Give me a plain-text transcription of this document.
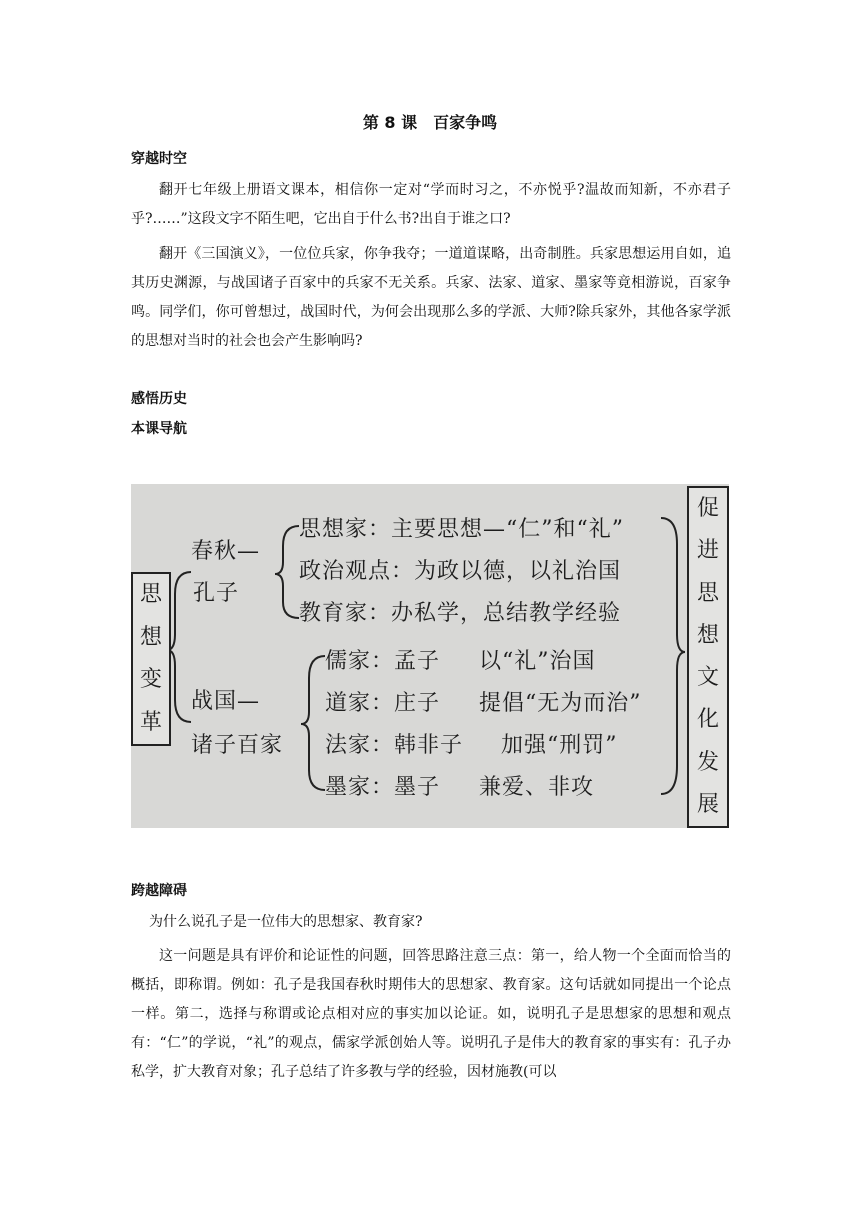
第 8 课 百家争鸣
穿越时空

翻开七年级上册语文课本，相信你一定对“学而时习之，不亦悦乎?温故而知新，不亦君子乎?……”这段文字不陌生吧，它出自于什么书?出自于谁之口?

翻开《三国演义》，一位位兵家，你争我夺；一道道谋略，出奇制胜。兵家思想运用自如，追其历史渊源，与战国诸子百家中的兵家不无关系。兵家、法家、道家、墨家等竟相游说，百家争鸣。同学们，你可曾想过，战国时代，为何会出现那么多的学派、大师?除兵家外，其他各家学派的思想对当时的社会也会产生影响吗?

感悟历史
本课导航
思
想
变
革
促
进
思
想
文
化
发
展
春秋—
孔子
战国—
诸子百家
思想家：主要思想—“仁”和“礼”
政治观点：为政以德，以礼治国
教育家：办私学，总结教学经验
儒家：孟子 以“礼”治国
道家：庄子 提倡“无为而治”
法家：韩非子 加强“刑罚”
墨家：墨子 兼爱、非攻
跨越障碍

为什么说孔子是一位伟大的思想家、教育家?

这一问题是具有评价和论证性的问题，回答思路注意三点：第一，给人物一个全面而恰当的概括，即称谓。例如：孔子是我国春秋时期伟大的思想家、教育家。这句话就如同提出一个论点一样。第二，选择与称谓或论点相对应的事实加以论证。如，说明孔子是思想家的思想和观点有：“仁”的学说，“礼”的观点，儒家学派创始人等。说明孔子是伟大的教育家的事实有：孔子办私学，扩大教育对象；孔子总结了许多教与学的经验，因材施教(可以
